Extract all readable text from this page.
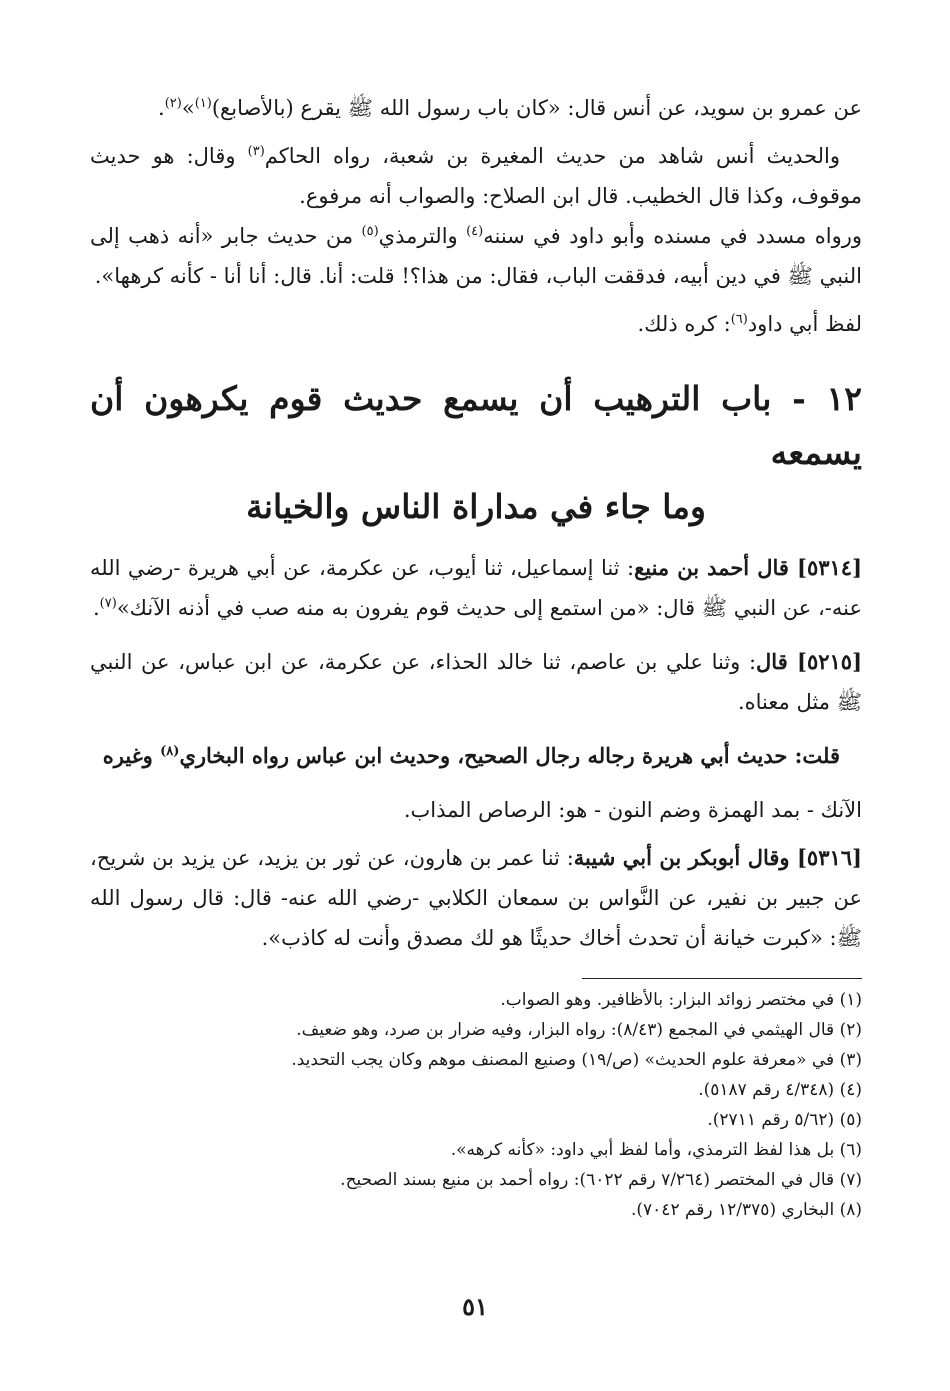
عن عمرو بن سويد، عن أنس قال: «كان باب رسول الله ﷺ يقرع (بالأصابع)$^{(١)}$»$^{(٢)}$.

والحديث أنس شاهد من حديث المغيرة بن شعبة، رواه الحاكم$^{(٣)}$ وقال: هو حديث موقوف، وكذا قال الخطيب. قال ابن الصلاح: والصواب أنه مرفوع.

ورواه مسدد في مسنده وأبو داود في سننه$^{(٤)}$ والترمذي$^{(٥)}$ من حديث جابر «أنه ذهب إلى النبي ﷺ في دين أبيه، فدققت الباب، فقال: من هذا؟! قلت: أنا. قال: أنا أنا - كأنه كرهها».

لفظ أبي داود$^{(٦)}$: كره ذلك.

١٢ - باب الترهيب أن يسمع حديث قوم يكرهون أن يسمعه
وما جاء في مداراة الناس والخيانة

[٥٣١٤] قال أحمد بن منيع: ثنا إسماعيل، ثنا أيوب، عن عكرمة، عن أبي هريرة -رضي الله عنه-، عن النبي ﷺ قال: «من استمع إلى حديث قوم يفرون به منه صب في أذنه الآنك»$^{(٧)}$.

[٥٢١٥] قال: وثنا علي بن عاصم، ثنا خالد الحذاء، عن عكرمة، عن ابن عباس، عن النبي ﷺ مثل معناه.

قلت: حديث أبي هريرة رجاله رجال الصحيح، وحديث ابن عباس رواه البخاري$^{(٨)}$ وغيره

الآنك - بمد الهمزة وضم النون - هو: الرصاص المذاب.

[٥٣١٦] وقال أبوبكر بن أبي شيبة: ثنا عمر بن هارون، عن ثور بن يزيد، عن يزيد بن شريح، عن جبير بن نفير، عن النَّواس بن سمعان الكلابي -رضي الله عنه- قال: قال رسول الله ﷺ: «كبرت خيانة أن تحدث أخاك حديثًا هو لك مصدق وأنت له كاذب».

(١) في مختصر زوائد البزار: بالأظافير. وهو الصواب.
(٢) قال الهيثمي في المجمع (٨/٤٣): رواه البزار، وفيه ضرار بن صرد، وهو ضعيف.
(٣) في «معرفة علوم الحديث» (ص/١٩) وصنيع المصنف موهم وكان يجب التحديد.
(٤) (٤/٣٤٨ رقم ٥١٨٧).
(٥) (٥/٦٢ رقم ٢٧١١).
(٦) بل هذا لفظ الترمذي، وأما لفظ أبي داود: «كأنه كرهه».
(٧) قال في المختصر (٧/٢٦٤ رقم ٦٠٢٢): رواه أحمد بن منيع بسند الصحيح.
(٨) البخاري (١٢/٣٧٥ رقم ٧٠٤٢).
٥١
